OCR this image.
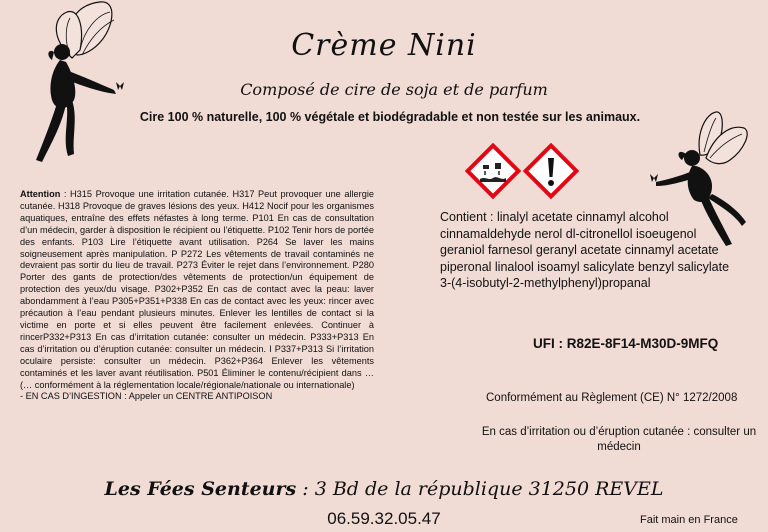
Crème Nini
Composé de cire de soja et de parfum
Cire 100 % naturelle, 100 % végétale et biodégradable et non testée sur les animaux.
Attention : H315 Provoque une irritation cutanée. H317 Peut provoquer une allergie cutanée. H318 Provoque de graves lésions des yeux. H412 Nocif pour les organismes aquatiques, entraîne des effets néfastes à long terme. P101 En cas de consultation d’un médecin, garder à disposition le récipient ou l’étiquette. P102 Tenir hors de portée des enfants. P103 Lire l’étiquette avant utilisation. P264 Se laver les mains soigneusement après manipulation. P P272 Les vêtements de travail contaminés ne devraient pas sortir du lieu de travail. P273 Éviter le rejet dans l’environnement. P280 Porter des gants de protection/des vêtements de protection/un équipement de protection des yeux/du visage. P302+P352 En cas de contact avec la peau: laver abondamment à l’eau P305+P351+P338 En cas de contact avec les yeux: rincer avec précaution à l’eau pendant plusieurs minutes. Enlever les lentilles de contact si la victime en porte et si elles peuvent être facilement enlevées. Continuer à rincerP332+P313 En cas d’irritation cutanée: consulter un médecin. P333+P313 En cas d’irritation ou d’éruption cutanée: consulter un médecin. I P337+P313 Si l’irritation oculaire persiste: consulter un médecin. P362+P364 Enlever les vêtements contaminés et les laver avant réutilisation. P501 Éliminer le contenu/récipient dans … (… conformément à la réglementation locale/régionale/nationale ou internationale)
- EN CAS D’INGESTION : Appeler un CENTRE ANTIPOISON
Contient : linalyl acetate cinnamyl alcohol cinnamaldehyde nerol dl-citronellol isoeugenol geraniol farnesol geranyl acetate cinnamyl acetate piperonal linalool isoamyl salicylate benzyl salicylate 3-(4-isobutyl-2-methylphenyl)propanal
UFI : R82E-8F14-M30D-9MFQ
Conformément au Règlement (CE) N° 1272/2008
En cas d’irritation ou d’éruption cutanée : consulter un médecin
Les Fées Senteurs : 3 Bd de la république 31250 REVEL
06.59.32.05.47	Fait main en France
